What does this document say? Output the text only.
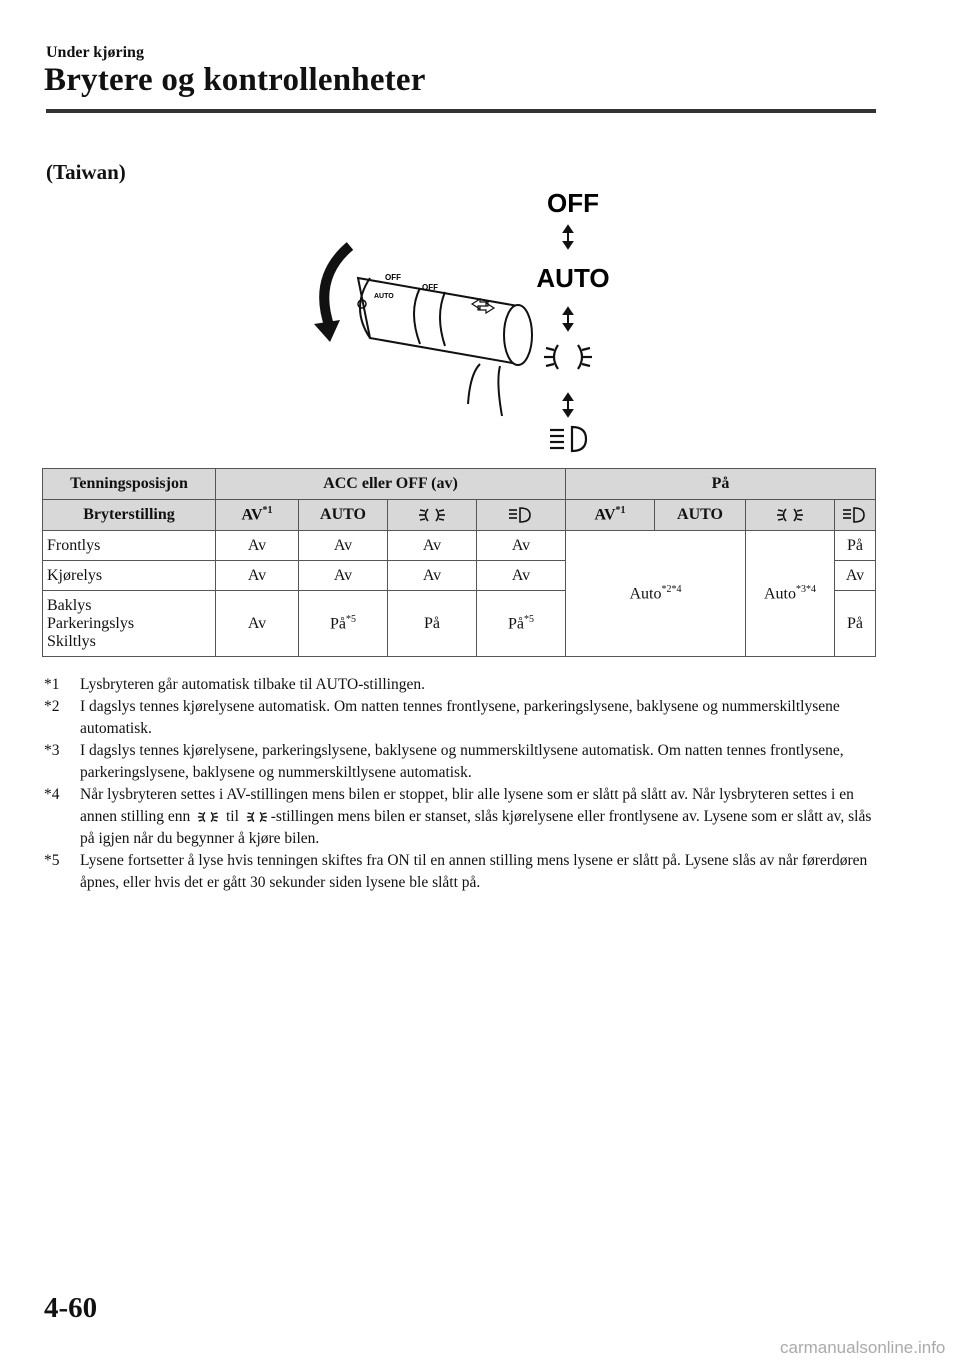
Under kjøring
Brytere og kontrollenheter
(Taiwan)
OFF
AUTO
OFF
AUTO
OFF
Tenningsposisjon	ACC eller OFF (av)				På			
Bryterstilling	AV$^{*1}$	AUTO			AV$^{*1}$	AUTO		
Frontlys	Av	Av	Av	Av	Auto$^{*2*4}$		Auto$^{*3*4}$	På
Kjørelys	Av	Av	Av	Av				Av

Baklys
Parkeringslys
Skiltlys	Av	$På^{*5}$	På	$På^{*5}$				På
*1 Lysbryteren går automatisk tilbake til AUTO-stillingen.
*2 I dagslys tennes kjørelysene automatisk. Om natten tennes frontlysene, parkeringslysene, baklysene og nummerskiltlysene automatisk.
*3 I dagslys tennes kjørelysene, parkeringslysene, baklysene og nummerskiltlysene automatisk. Om natten tennes frontlysene, parkeringslysene, baklysene og nummerskiltlysene automatisk.
*4 Når lysbryteren settes i AV-stillingen mens bilen er stoppet, blir alle lysene som er slått på slått av. Når lysbryteren settes i en annen stilling enn  til -stillingen mens bilen er stanset, slås kjørelysene eller frontlysene av. Lysene som er slått av, slås på igjen når du begynner å kjøre bilen.
*5 Lysene fortsetter å lyse hvis tenningen skiftes fra ON til en annen stilling mens lysene er slått på. Lysene slås av når førerdøren åpnes, eller hvis det er gått 30 sekunder siden lysene ble slått på.
4-60
carmanualsonline.info
